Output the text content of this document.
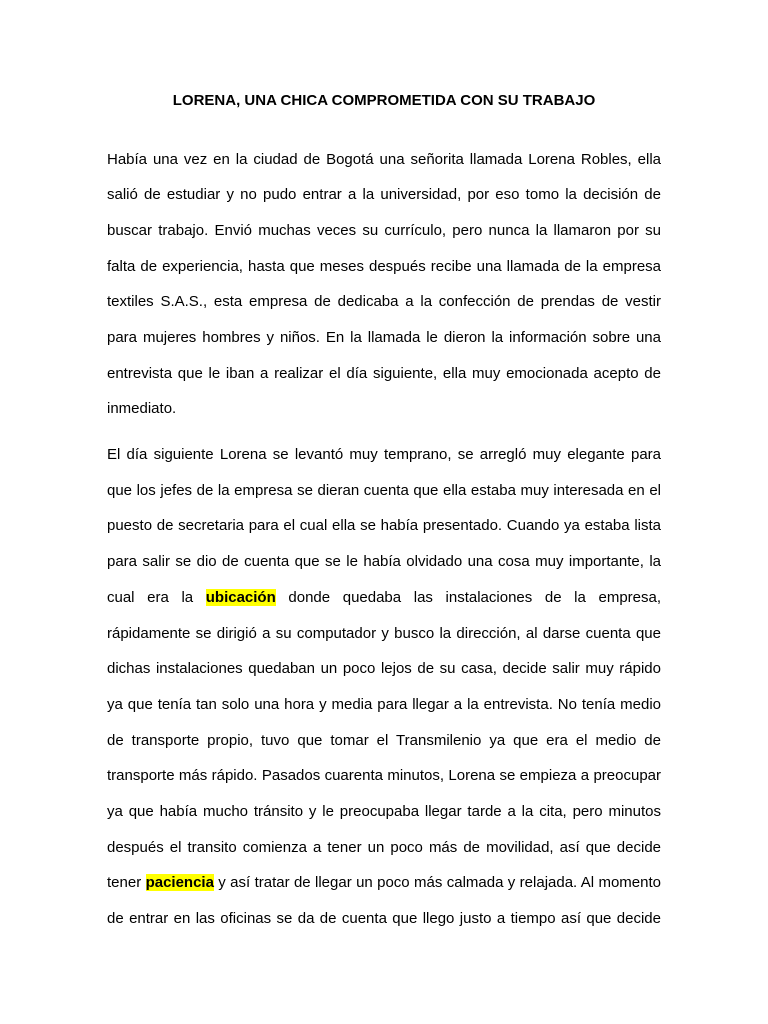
LORENA, UNA CHICA COMPROMETIDA CON SU TRABAJO
Había una vez en la ciudad de Bogotá una señorita llamada Lorena Robles, ella
salió de estudiar y no pudo entrar a la universidad, por eso tomo la decisión de
buscar trabajo. Envió muchas veces su currículo, pero nunca la llamaron por su
falta de experiencia, hasta que meses después recibe una llamada de la empresa
textiles S.A.S., esta empresa de dedicaba a la confección de prendas de vestir
para mujeres hombres y niños. En la llamada le dieron la información sobre una
entrevista que le iban a realizar el día siguiente, ella muy emocionada acepto de
inmediato.
El día siguiente Lorena se levantó muy temprano, se arregló muy elegante para
que los jefes de la empresa se dieran cuenta que ella estaba muy interesada en el
puesto de secretaria para el cual ella se había presentado. Cuando ya estaba lista
para salir se dio de cuenta que se le había olvidado una cosa muy importante, la
cual era la ubicación donde quedaba las instalaciones de la empresa,
rápidamente se dirigió a su computador y busco la dirección, al darse cuenta que
dichas instalaciones quedaban un poco lejos de su casa, decide salir muy rápido
ya que tenía tan solo una hora y media para llegar a la entrevista. No tenía medio
de transporte propio, tuvo que tomar el Transmilenio ya que era el medio de
transporte más rápido. Pasados cuarenta minutos, Lorena se empieza a preocupar
ya que había mucho tránsito y le preocupaba llegar tarde a la cita, pero minutos
después el transito comienza a tener un poco más de movilidad, así que decide
tener paciencia y así tratar de llegar un poco más calmada y relajada. Al momento
de entrar en las oficinas se da de cuenta que llego justo a tiempo así que decide
